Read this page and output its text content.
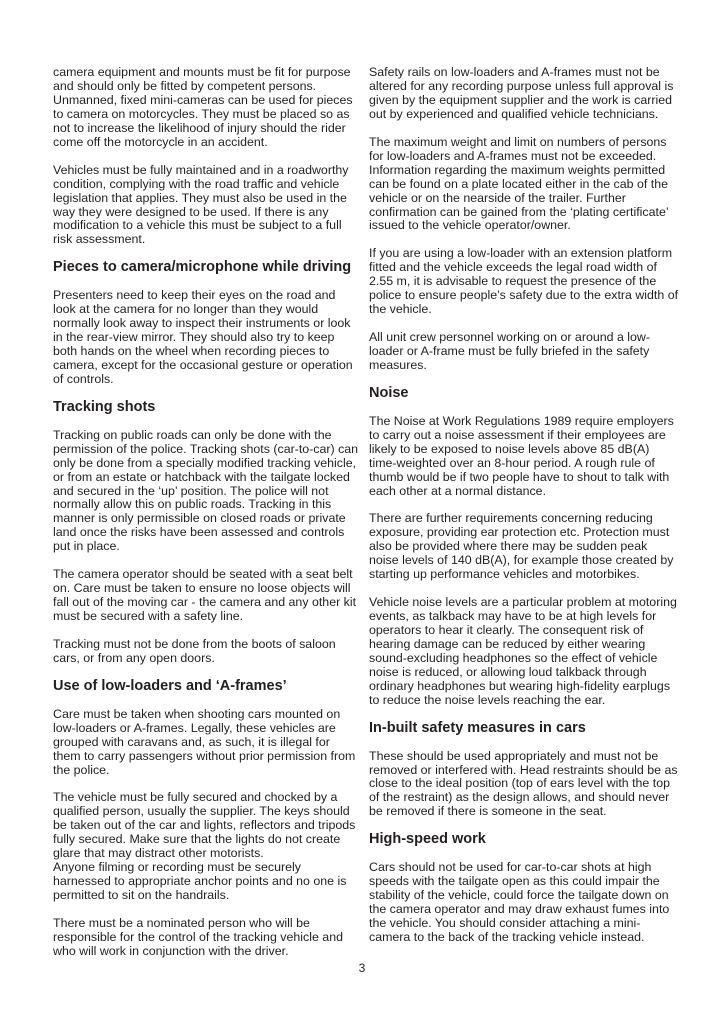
camera equipment and mounts must be fit for purpose and should only be fitted by competent persons. Unmanned, fixed mini-cameras can be used for pieces to camera on motorcycles. They must be placed so as not to increase the likelihood of injury should the rider come off the motorcycle in an accident.

Vehicles must be fully maintained and in a roadworthy condition, complying with the road traffic and vehicle legislation that applies. They must also be used in the way they were designed to be used. If there is any modification to a vehicle this must be subject to a full risk assessment.

Pieces to camera/microphone while driving

Presenters need to keep their eyes on the road and look at the camera for no longer than they would normally look away to inspect their instruments or look in the rear-view mirror. They should also try to keep both hands on the wheel when recording pieces to camera, except for the occasional gesture or operation of controls.

Tracking shots

Tracking on public roads can only be done with the permission of the police. Tracking shots (car-to-car) can only be done from a specially modified tracking vehicle, or from an estate or hatchback with the tailgate locked and secured in the ‘up’ position. The police will not normally allow this on public roads. Tracking in this manner is only permissible on closed roads or private land once the risks have been assessed and controls put in place.

The camera operator should be seated with a seat belt on. Care must be taken to ensure no loose objects will fall out of the moving car - the camera and any other kit must be secured with a safety line.

Tracking must not be done from the boots of saloon cars, or from any open doors.

Use of low-loaders and ‘A-frames’

Care must be taken when shooting cars mounted on low-loaders or A-frames. Legally, these vehicles are grouped with caravans and, as such, it is illegal for them to carry passengers without prior permission from the police.

The vehicle must be fully secured and chocked by a qualified person, usually the supplier. The keys should be taken out of the car and lights, reflectors and tripods fully secured. Make sure that the lights do not create glare that may distract other motorists.

Anyone filming or recording must be securely harnessed to appropriate anchor points and no one is permitted to sit on the handrails.

There must be a nominated person who will be responsible for the control of the tracking vehicle and who will work in conjunction with the driver.

Safety rails on low-loaders and A-frames must not be altered for any recording purpose unless full approval is given by the equipment supplier and the work is carried out by experienced and qualified vehicle technicians.

The maximum weight and limit on numbers of persons for low-loaders and A-frames must not be exceeded. Information regarding the maximum weights permitted can be found on a plate located either in the cab of the vehicle or on the nearside of the trailer. Further confirmation can be gained from the ‘plating certificate’ issued to the vehicle operator/owner.

If you are using a low-loader with an extension platform fitted and the vehicle exceeds the legal road width of 2.55 m, it is advisable to request the presence of the police to ensure people’s safety due to the extra width of the vehicle.

All unit crew personnel working on or around a low-loader or A-frame must be fully briefed in the safety measures.

Noise

The Noise at Work Regulations 1989 require employers to carry out a noise assessment if their employees are likely to be exposed to noise levels above 85 dB(A) time-weighted over an 8-hour period. A rough rule of thumb would be if two people have to shout to talk with each other at a normal distance.

There are further requirements concerning reducing exposure, providing ear protection etc. Protection must also be provided where there may be sudden peak noise levels of 140 dB(A), for example those created by starting up performance vehicles and motorbikes.

Vehicle noise levels are a particular problem at motoring events, as talkback may have to be at high levels for operators to hear it clearly. The consequent risk of hearing damage can be reduced by either wearing sound-excluding headphones so the effect of vehicle noise is reduced, or allowing loud talkback through ordinary headphones but wearing high-fidelity earplugs to reduce the noise levels reaching the ear.

In-built safety measures in cars

These should be used appropriately and must not be removed or interfered with. Head restraints should be as close to the ideal position (top of ears level with the top of the restraint) as the design allows, and should never be removed if there is someone in the seat.

High-speed work

Cars should not be used for car-to-car shots at high speeds with the tailgate open as this could impair the stability of the vehicle, could force the tailgate down on the camera operator and may draw exhaust fumes into the vehicle. You should consider attaching a mini-camera to the back of the tracking vehicle instead.

3
